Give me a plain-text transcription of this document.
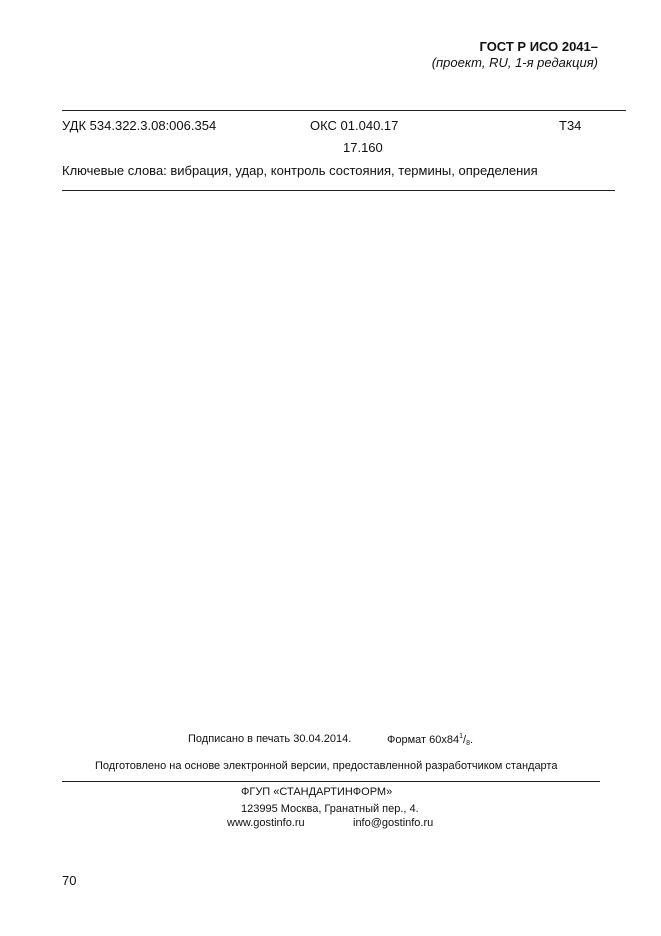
ГОСТ Р ИСО 2041–
(проект, RU, 1-я редакция)
УДК 534.322.3.08:006.354	ОКС 01.040.17	Т34
17.160
Ключевые слова: вибрация, удар, контроль состояния, термины, определения
Подписано в печать 30.04.2014.	Формат $60х84^1/_8$.
Подготовлено на основе электронной версии, предоставленной разработчиком стандарта
ФГУП «СТАНДАРТИНФОРМ»
123995 Москва, Гранатный пер., 4.
www.gostinfo.ru	info@gostinfo.ru
70
